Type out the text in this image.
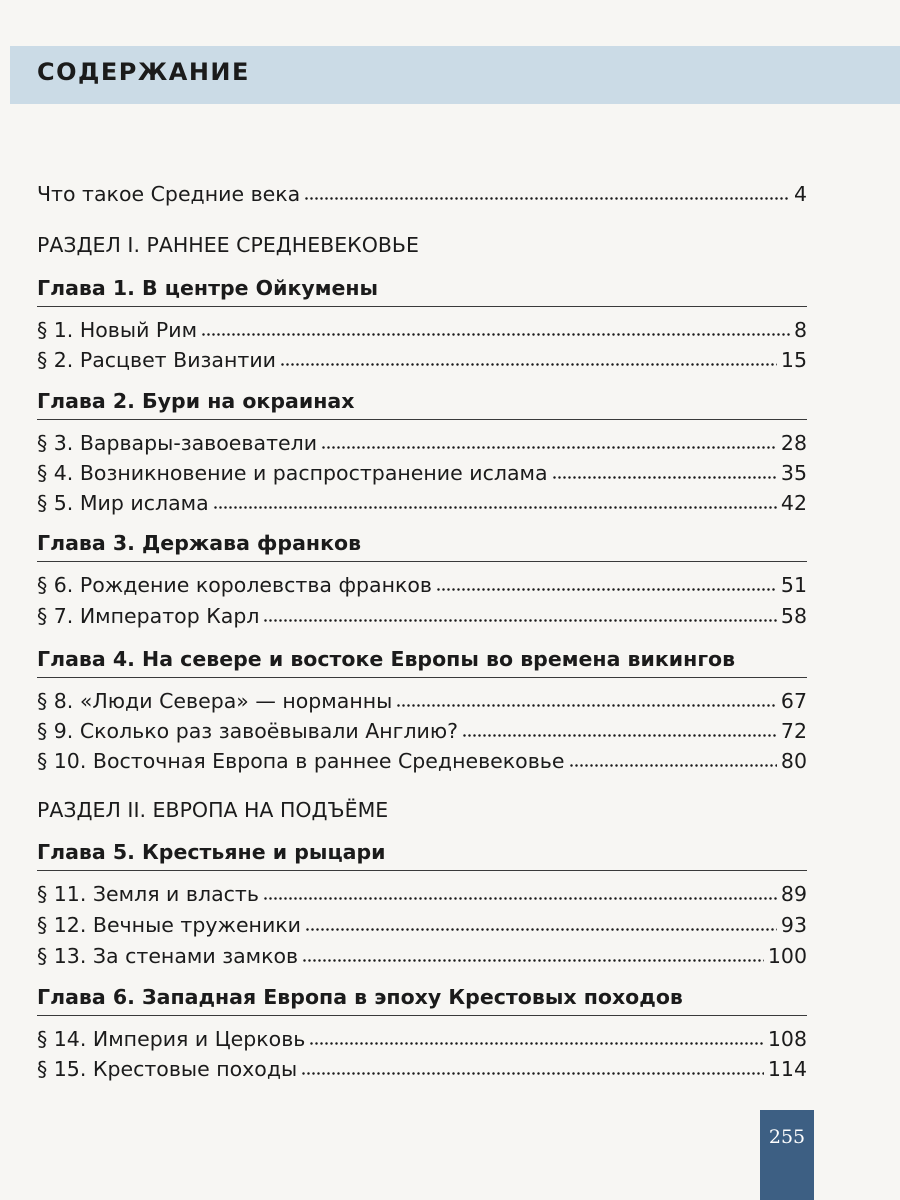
СОДЕРЖАНИЕ
Что такое Средние века	4
РАЗДЕЛ I. РАННЕЕ СРЕДНЕВЕКОВЬЕ
Глава 1. В центре Ойкумены
§ 1. Новый Рим	8
§ 2. Расцвет Византии	15
Глава 2. Бури на окраинах
§ 3. Варвары-завоеватели	28
§ 4. Возникновение и распространение ислама	35
§ 5. Мир ислама	42
Глава 3. Держава франков
§ 6. Рождение королевства франков	51
§ 7. Император Карл	58
Глава 4. На севере и востоке Европы во времена викингов
§ 8. «Люди Севера» — норманны	67
§ 9. Сколько раз завоёвывали Англию?	72
§ 10. Восточная Европа в раннее Средневековье	80
РАЗДЕЛ II. ЕВРОПА НА ПОДЪЁМЕ
Глава 5. Крестьяне и рыцари
§ 11. Земля и власть	89
§ 12. Вечные труженики	93
§ 13. За стенами замков	100
Глава 6. Западная Европа в эпоху Крестовых походов
§ 14. Империя и Церковь	108
§ 15. Крестовые походы	114
255
